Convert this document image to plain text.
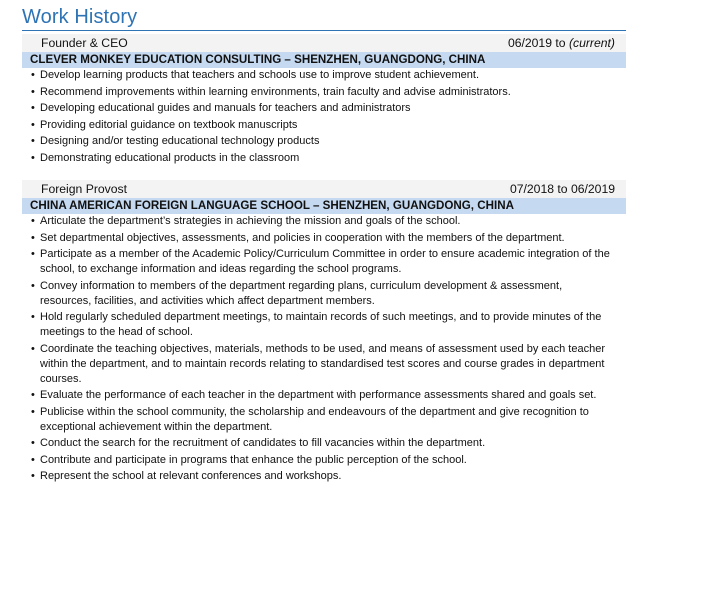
Work History
Founder & CEO	06/2019 to (current)
CLEVER MONKEY EDUCATION CONSULTING – SHENZHEN, GUANGDONG, CHINA
• Develop learning products that teachers and schools use to improve student achievement.
• Recommend improvements within learning environments, train faculty and advise administrators.
• Developing educational guides and manuals for teachers and administrators
• Providing editorial guidance on textbook manuscripts
• Designing and/or testing educational technology products
• Demonstrating educational products in the classroom
Foreign Provost	07/2018 to 06/2019
CHINA AMERICAN FOREIGN LANGUAGE SCHOOL – SHENZHEN, GUANGDONG, CHINA
• Articulate the department’s strategies in achieving the mission and goals of the school.
• Set departmental objectives, assessments, and policies in cooperation with the members of the department.
• Participate as a member of the Academic Policy/Curriculum Committee in order to ensure academic integration of the school, to exchange information and ideas regarding the school programs.
• Convey information to members of the department regarding plans, curriculum development & assessment, resources, facilities, and activities which affect department members.
• Hold regularly scheduled department meetings, to maintain records of such meetings, and to provide minutes of the meetings to the head of school.
• Coordinate the teaching objectives, materials, methods to be used, and means of assessment used by each teacher within the department, and to maintain records relating to standardised test scores and course grades in department courses.
• Evaluate the performance of each teacher in the department with performance assessments shared and goals set.
• Publicise within the school community, the scholarship and endeavours of the department and give recognition to exceptional achievement within the department.
• Conduct the search for the recruitment of candidates to fill vacancies within the department.
• Contribute and participate in programs that enhance the public perception of the school.
• Represent the school at relevant conferences and workshops.
